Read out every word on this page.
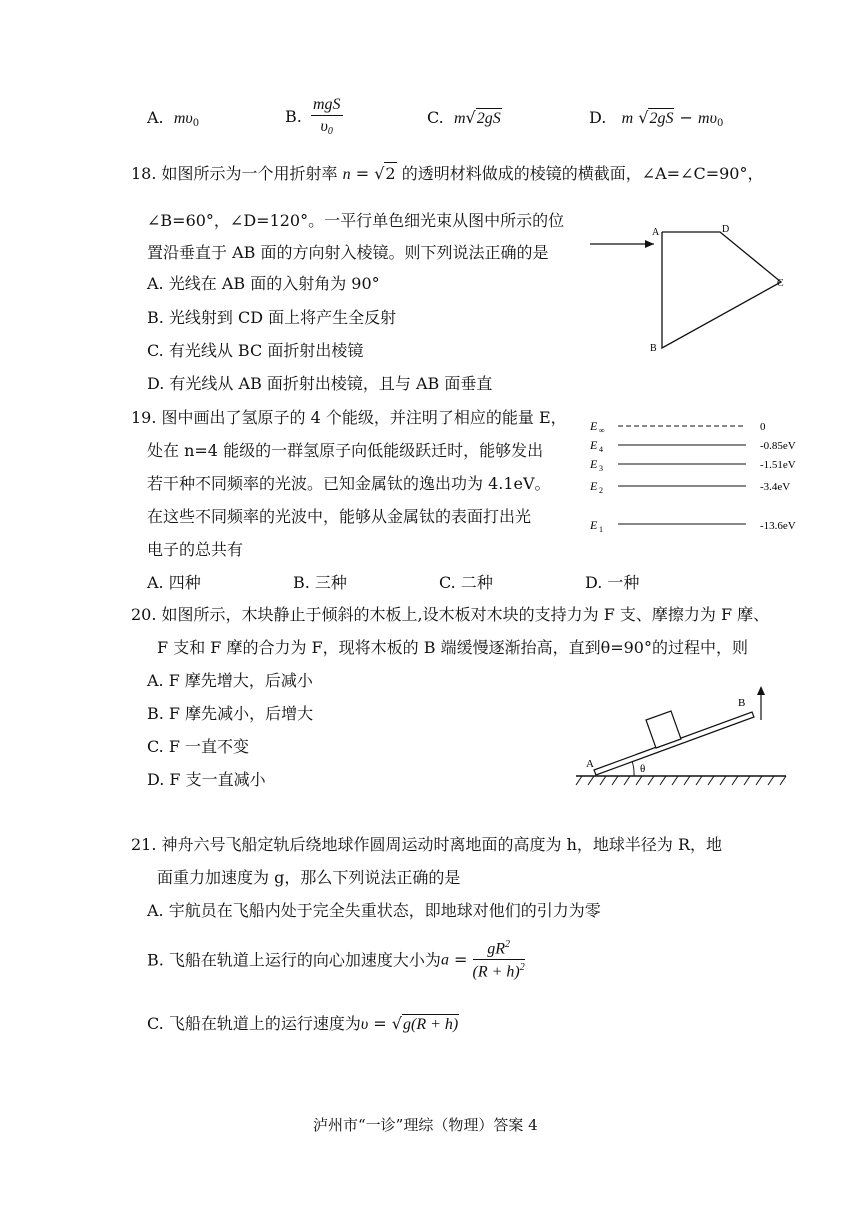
A. $m\upsilon_0$	B. $\frac{\text{mgS}}{\upsilon_0}$	C. m√2gS	D. m $√2gS - m\upsilon_0$
18. 如图所示为一个用折射率 n = √2 的透明材料做成的棱镜的横截面，∠A=∠C=90°，
∠B=60°，∠D=120°。一平行单色细光束从图中所示的位
置沿垂直于 AB 面的方向射入棱镜。则下列说法正确的是
A. 光线在 AB 面的入射角为 90°
B. 光线射到 CD 面上将产生全反射
C. 有光线从 BC 面折射出棱镜
D. 有光线从 AB 面折射出棱镜，且与 AB 面垂直
A	D
C
B
19. 图中画出了氢原子的 4 个能级，并注明了相应的能量 E，
处在 n=4 能级的一群氢原子向低能级跃迁时，能够发出
若干种不同频率的光波。已知金属钛的逸出功为 4.1eV。
在这些不同频率的光波中，能够从金属钛的表面打出光
电子的总共有
A. 四种	B. 三种	C. 二种	D. 一种
E ∞	0
E 4	-0.85eV
E 3	-1.51eV
E 2	-3.4eV
E 1	-13.6eV
20. 如图所示，木块静止于倾斜的木板上,设木板对木块的支持力为 F 支、摩擦力为 F 摩、
F 支和 F 摩的合力为 F，现将木板的 B 端缓慢逐渐抬高，直到θ=90°的过程中，则
A. F 摩先增大，后减小
B. F 摩先减小，后增大
C. F 一直不变
D. F 支一直减小
θ
A
B
21. 神舟六号飞船定轨后绕地球作圆周运动时离地面的高度为 h，地球半径为 R，地
面重力加速度为 g，那么下列说法正确的是
A. 宇航员在飞船内处于完全失重状态，即地球对他们的引力为零
B. 飞船在轨道上运行的向心加速度大小为$a = \frac{gR^2}{(R + h)^2}$
C. 飞船在轨道上的运行速度为υ = √g(R + h)
泸州市“一诊”理综（物理）答案 4
